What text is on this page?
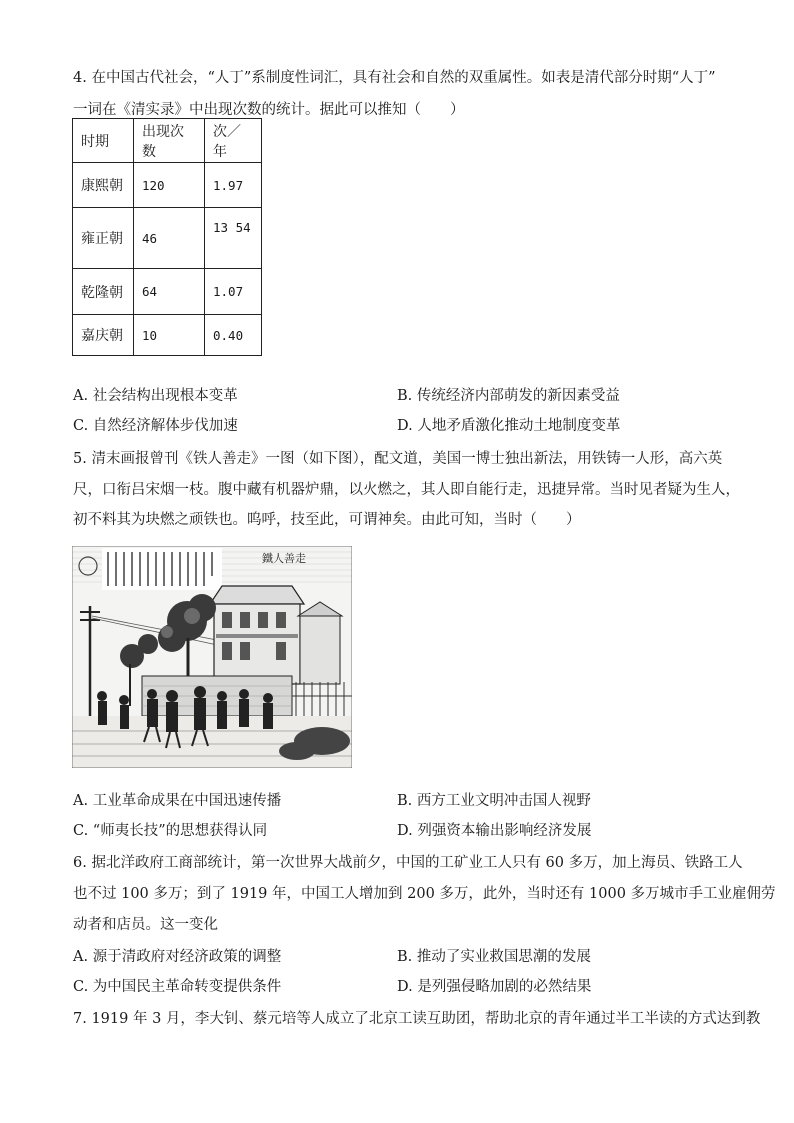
4. 在中国古代社会，“人丁”系制度性词汇，具有社会和自然的双重属性。如表是清代部分时期“人丁”
一词在《清实录》中出现次数的统计。据此可以推知（　　）
时期	出现次数	次／年
康熙朝	120	1.97
雍正朝	46	13 54
乾隆朝	64	1.07
嘉庆朝	10	0.40
A. 社会结构出现根本变革	B. 传统经济内部萌发的新因素受益
C. 自然经济解体步伐加速	D. 人地矛盾激化推动土地制度变革
5. 清末画报曾刊《铁人善走》一图（如下图），配文道，美国一博士独出新法，用铁铸一人形，高六英
尺，口衔吕宋烟一枝。腹中藏有机器炉鼎，以火燃之，其人即自能行走，迅捷异常。当时见者疑为生人，
初不料其为块燃之顽铁也。呜呼，技至此，可谓神矣。由此可知，当时（　　）
鐵人善走
A. 工业革命成果在中国迅速传播	B. 西方工业文明冲击国人视野
C. “师夷长技”的思想获得认同	D. 列强资本输出影响经济发展
6. 据北洋政府工商部统计，第一次世界大战前夕，中国的工矿业工人只有 60 多万，加上海员、铁路工人
也不过 100 多万；到了 1919 年，中国工人增加到 200 多万，此外，当时还有 1000 多万城市手工业雇佣劳
动者和店员。这一变化
A. 源于清政府对经济政策的调整	B. 推动了实业救国思潮的发展
C. 为中国民主革命转变提供条件	D. 是列强侵略加剧的必然结果
7. 1919 年 3 月，李大钊、蔡元培等人成立了北京工读互助团，帮助北京的青年通过半工半读的方式达到教
